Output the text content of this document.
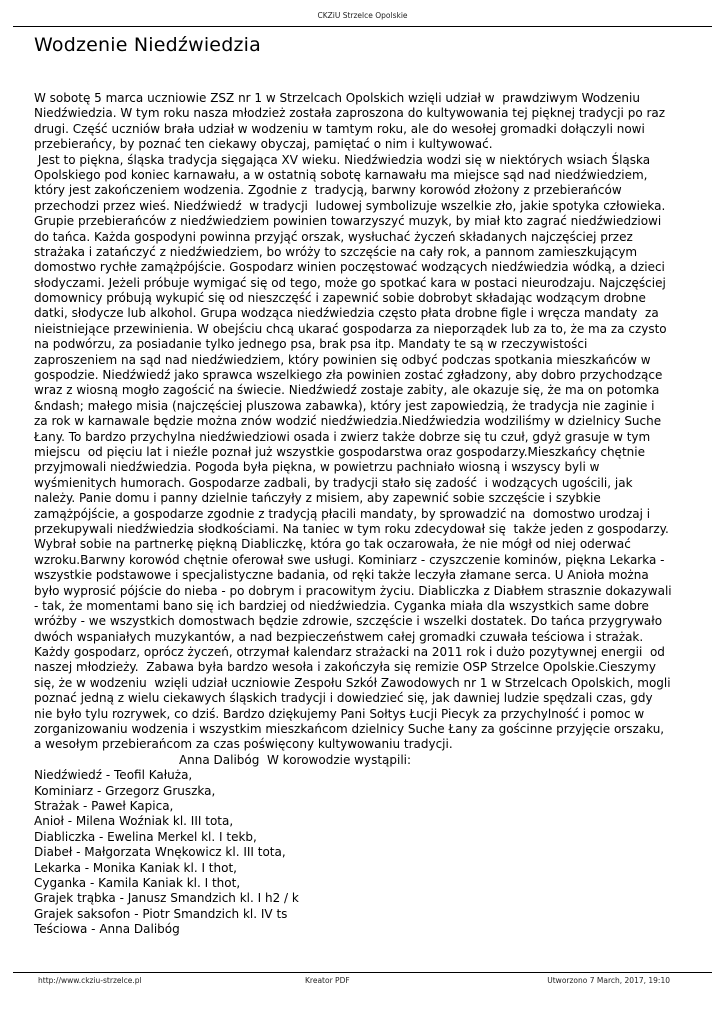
CKZiU Strzelce Opolskie
Wodzenie Niedźwiedzia
W sobotę 5 marca uczniowie ZSZ nr 1 w Strzelcach Opolskich wzięli udział w  prawdziwym Wodzeniu
Niedźwiedzia. W tym roku nasza młodzież została zaproszona do kultywowania tej pięknej tradycji po raz
drugi. Część uczniów brała udział w wodzeniu w tamtym roku, ale do wesołej gromadki dołączyli nowi
przebierańcy, by poznać ten ciekawy obyczaj, pamiętać o nim i kultywować.
Jest to piękna, śląska tradycja sięgająca XV wieku. Niedźwiedzia wodzi się w niektórych wsiach Śląska
Opolskiego pod koniec karnawału, a w ostatnią sobotę karnawału ma miejsce sąd nad niedźwiedziem,
który jest zakończeniem wodzenia. Zgodnie z  tradycją, barwny korowód złożony z przebierańców
przechodzi przez wieś. Niedźwiedź  w tradycji  ludowej symbolizuje wszelkie zło, jakie spotyka człowieka.
Grupie przebierańców z niedźwiedziem powinien towarzyszyć muzyk, by miał kto zagrać niedźwiedziowi
do tańca. Każda gospodyni powinna przyjąć orszak, wysłuchać życzeń składanych najczęściej przez
strażaka i zatańczyć z niedźwiedziem, bo wróży to szczęście na cały rok, a pannom zamieszkującym
domostwo rychłe zamążpójście. Gospodarz winien poczęstować wodzących niedźwiedzia wódką, a dzieci
słodyczami. Jeżeli próbuje wymigać się od tego, może go spotkać kara w postaci nieurodzaju. Najczęściej
domownicy próbują wykupić się od nieszczęść i zapewnić sobie dobrobyt składając wodzącym drobne
datki, słodycze lub alkohol. Grupa wodząca niedźwiedzia często płata drobne figle i wręcza mandaty  za
nieistniejące przewinienia. W obejściu chcą ukarać gospodarza za nieporządek lub za to, że ma za czysto
na podwórzu, za posiadanie tylko jednego psa, brak psa itp. Mandaty te są w rzeczywistości
zaproszeniem na sąd nad niedźwiedziem, który powinien się odbyć podczas spotkania mieszkańców w
gospodzie. Niedźwiedź jako sprawca wszelkiego zła powinien zostać zgładzony, aby dobro przychodzące
wraz z wiosną mogło zagościć na świecie. Niedźwiedź zostaje zabity, ale okazuje się, że ma on potomka
&ndash; małego misia (najczęściej pluszowa zabawka), który jest zapowiedzią, że tradycja nie zaginie i
za rok w karnawale będzie można znów wodzić niedźwiedzia.Niedźwiedzia wodziliśmy w dzielnicy Suche
Łany. To bardzo przychylna niedźwiedziowi osada i zwierz także dobrze się tu czuł, gdyż grasuje w tym
miejscu  od pięciu lat i nieźle poznał już wszystkie gospodarstwa oraz gospodarzy.Mieszkańcy chętnie
przyjmowali niedźwiedzia. Pogoda była piękna, w powietrzu pachniało wiosną i wszyscy byli w
wyśmienitych humorach. Gospodarze zadbali, by tradycji stało się zadość  i wodzących ugościli, jak
należy. Panie domu i panny dzielnie tańczyły z misiem, aby zapewnić sobie szczęście i szybkie
zamążpójście, a gospodarze zgodnie z tradycją płacili mandaty, by sprowadzić na  domostwo urodzaj i
przekupywali niedźwiedzia słodkościami. Na taniec w tym roku zdecydował się  także jeden z gospodarzy.
Wybrał sobie na partnerkę piękną Diabliczkę, która go tak oczarowała, że nie mógł od niej oderwać
wzroku.Barwny korowód chętnie oferował swe usługi. Kominiarz - czyszczenie kominów, piękna Lekarka -
wszystkie podstawowe i specjalistyczne badania, od ręki także leczyła złamane serca. U Anioła można
było wyprosić pójście do nieba - po dobrym i pracowitym życiu. Diabliczka z Diabłem strasznie dokazywali
- tak, że momentami bano się ich bardziej od niedźwiedzia. Cyganka miała dla wszystkich same dobre
wróżby - we wszystkich domostwach będzie zdrowie, szczęście i wszelki dostatek. Do tańca przygrywało
dwóch wspaniałych muzykantów, a nad bezpieczeństwem całej gromadki czuwała teściowa i strażak.
Każdy gospodarz, oprócz życzeń, otrzymał kalendarz strażacki na 2011 rok i dużo pozytywnej energii  od
naszej młodzieży.  Zabawa była bardzo wesoła i zakończyła się remizie OSP Strzelce Opolskie.Cieszymy
się, że w wodzeniu  wzięli udział uczniowie Zespołu Szkół Zawodowych nr 1 w Strzelcach Opolskich, mogli
poznać jedną z wielu ciekawych śląskich tradycji i dowiedzieć się, jak dawniej ludzie spędzali czas, gdy
nie było tylu rozrywek, co dziś. Bardzo dziękujemy Pani Sołtys Łucji Piecyk za przychylność i pomoc w
zorganizowaniu wodzenia i wszystkim mieszkańcom dzielnicy Suche Łany za gościnne przyjęcie orszaku,
a wesołym przebierańcom za czas poświęcony kultywowaniu tradycji.
Anna Dalibóg  W korowodzie wystąpili:
Niedźwiedź - Teofil Kałuża,
Kominiarz - Grzegorz Gruszka,
Strażak - Paweł Kapica,
Anioł - Milena Woźniak kl. III tota,
Diabliczka - Ewelina Merkel kl. I tekb,
Diabeł - Małgorzata Wnękowicz kl. III tota,
Lekarka - Monika Kaniak kl. I thot,
Cyganka - Kamila Kaniak kl. I thot,
Grajek trąbka - Janusz Smandzich kl. I h2 / k
Grajek saksofon - Piotr Smandzich kl. IV ts
Teściowa - Anna Dalibóg
http://www.ckziu-strzelce.pl	Kreator PDF	Utworzono 7 March, 2017, 19:10
